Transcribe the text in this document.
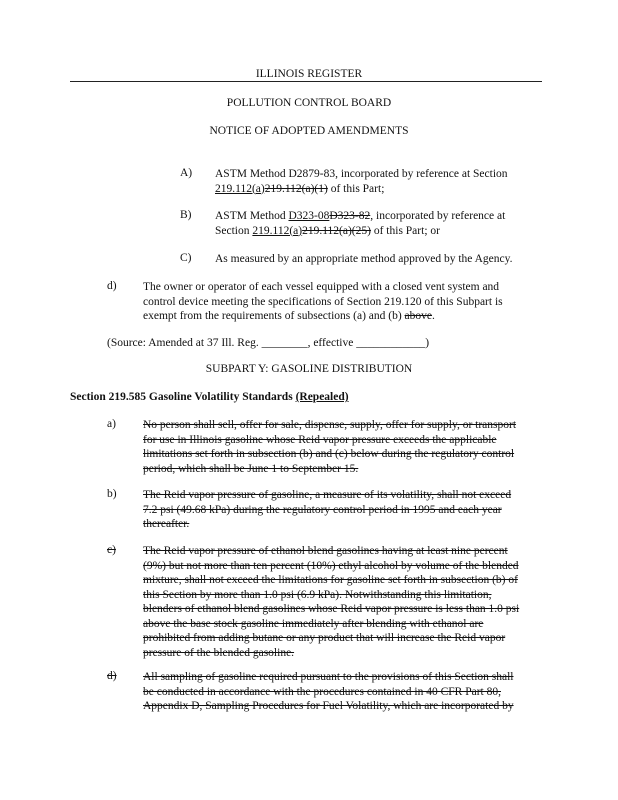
ILLINOIS REGISTER
POLLUTION CONTROL BOARD
NOTICE OF ADOPTED AMENDMENTS
A) ASTM Method D2879-83, incorporated by reference at Section
219.112(a)219.112(a)(1) of this Part;
B) ASTM Method D323-08D323-82, incorporated by reference at
Section 219.112(a)219.112(a)(25) of this Part; or
C) As measured by an appropriate method approved by the Agency.
d) The owner or operator of each vessel equipped with a closed vent system and
control device meeting the specifications of Section 219.120 of this Subpart is
exempt from the requirements of subsections (a) and (b) above.
(Source: Amended at 37 Ill. Reg. ________, effective ____________)
SUBPART Y: GASOLINE DISTRIBUTION
Section 219.585 Gasoline Volatility Standards (Repealed)
a) No person shall sell, offer for sale, dispense, supply, offer for supply, or transport
for use in Illinois gasoline whose Reid vapor pressure exceeds the applicable
limitations set forth in subsection (b) and (c) below during the regulatory control
period, which shall be June 1 to September 15.
b) The Reid vapor pressure of gasoline, a measure of its volatility, shall not exceed
7.2 psi (49.68 kPa) during the regulatory control period in 1995 and each year
thereafter.
c) The Reid vapor pressure of ethanol blend gasolines having at least nine percent
(9%) but not more than ten percent (10%) ethyl alcohol by volume of the blended
mixture, shall not exceed the limitations for gasoline set forth in subsection (b) of
this Section by more than 1.0 psi (6.9 kPa). Notwithstanding this limitation,
blenders of ethanol blend gasolines whose Reid vapor pressure is less than 1.0 psi
above the base stock gasoline immediately after blending with ethanol are
prohibited from adding butane or any product that will increase the Reid vapor
pressure of the blended gasoline.
d) All sampling of gasoline required pursuant to the provisions of this Section shall
be conducted in accordance with the procedures contained in 40 CFR Part 80,
Appendix D, Sampling Procedures for Fuel Volatility, which are incorporated by
